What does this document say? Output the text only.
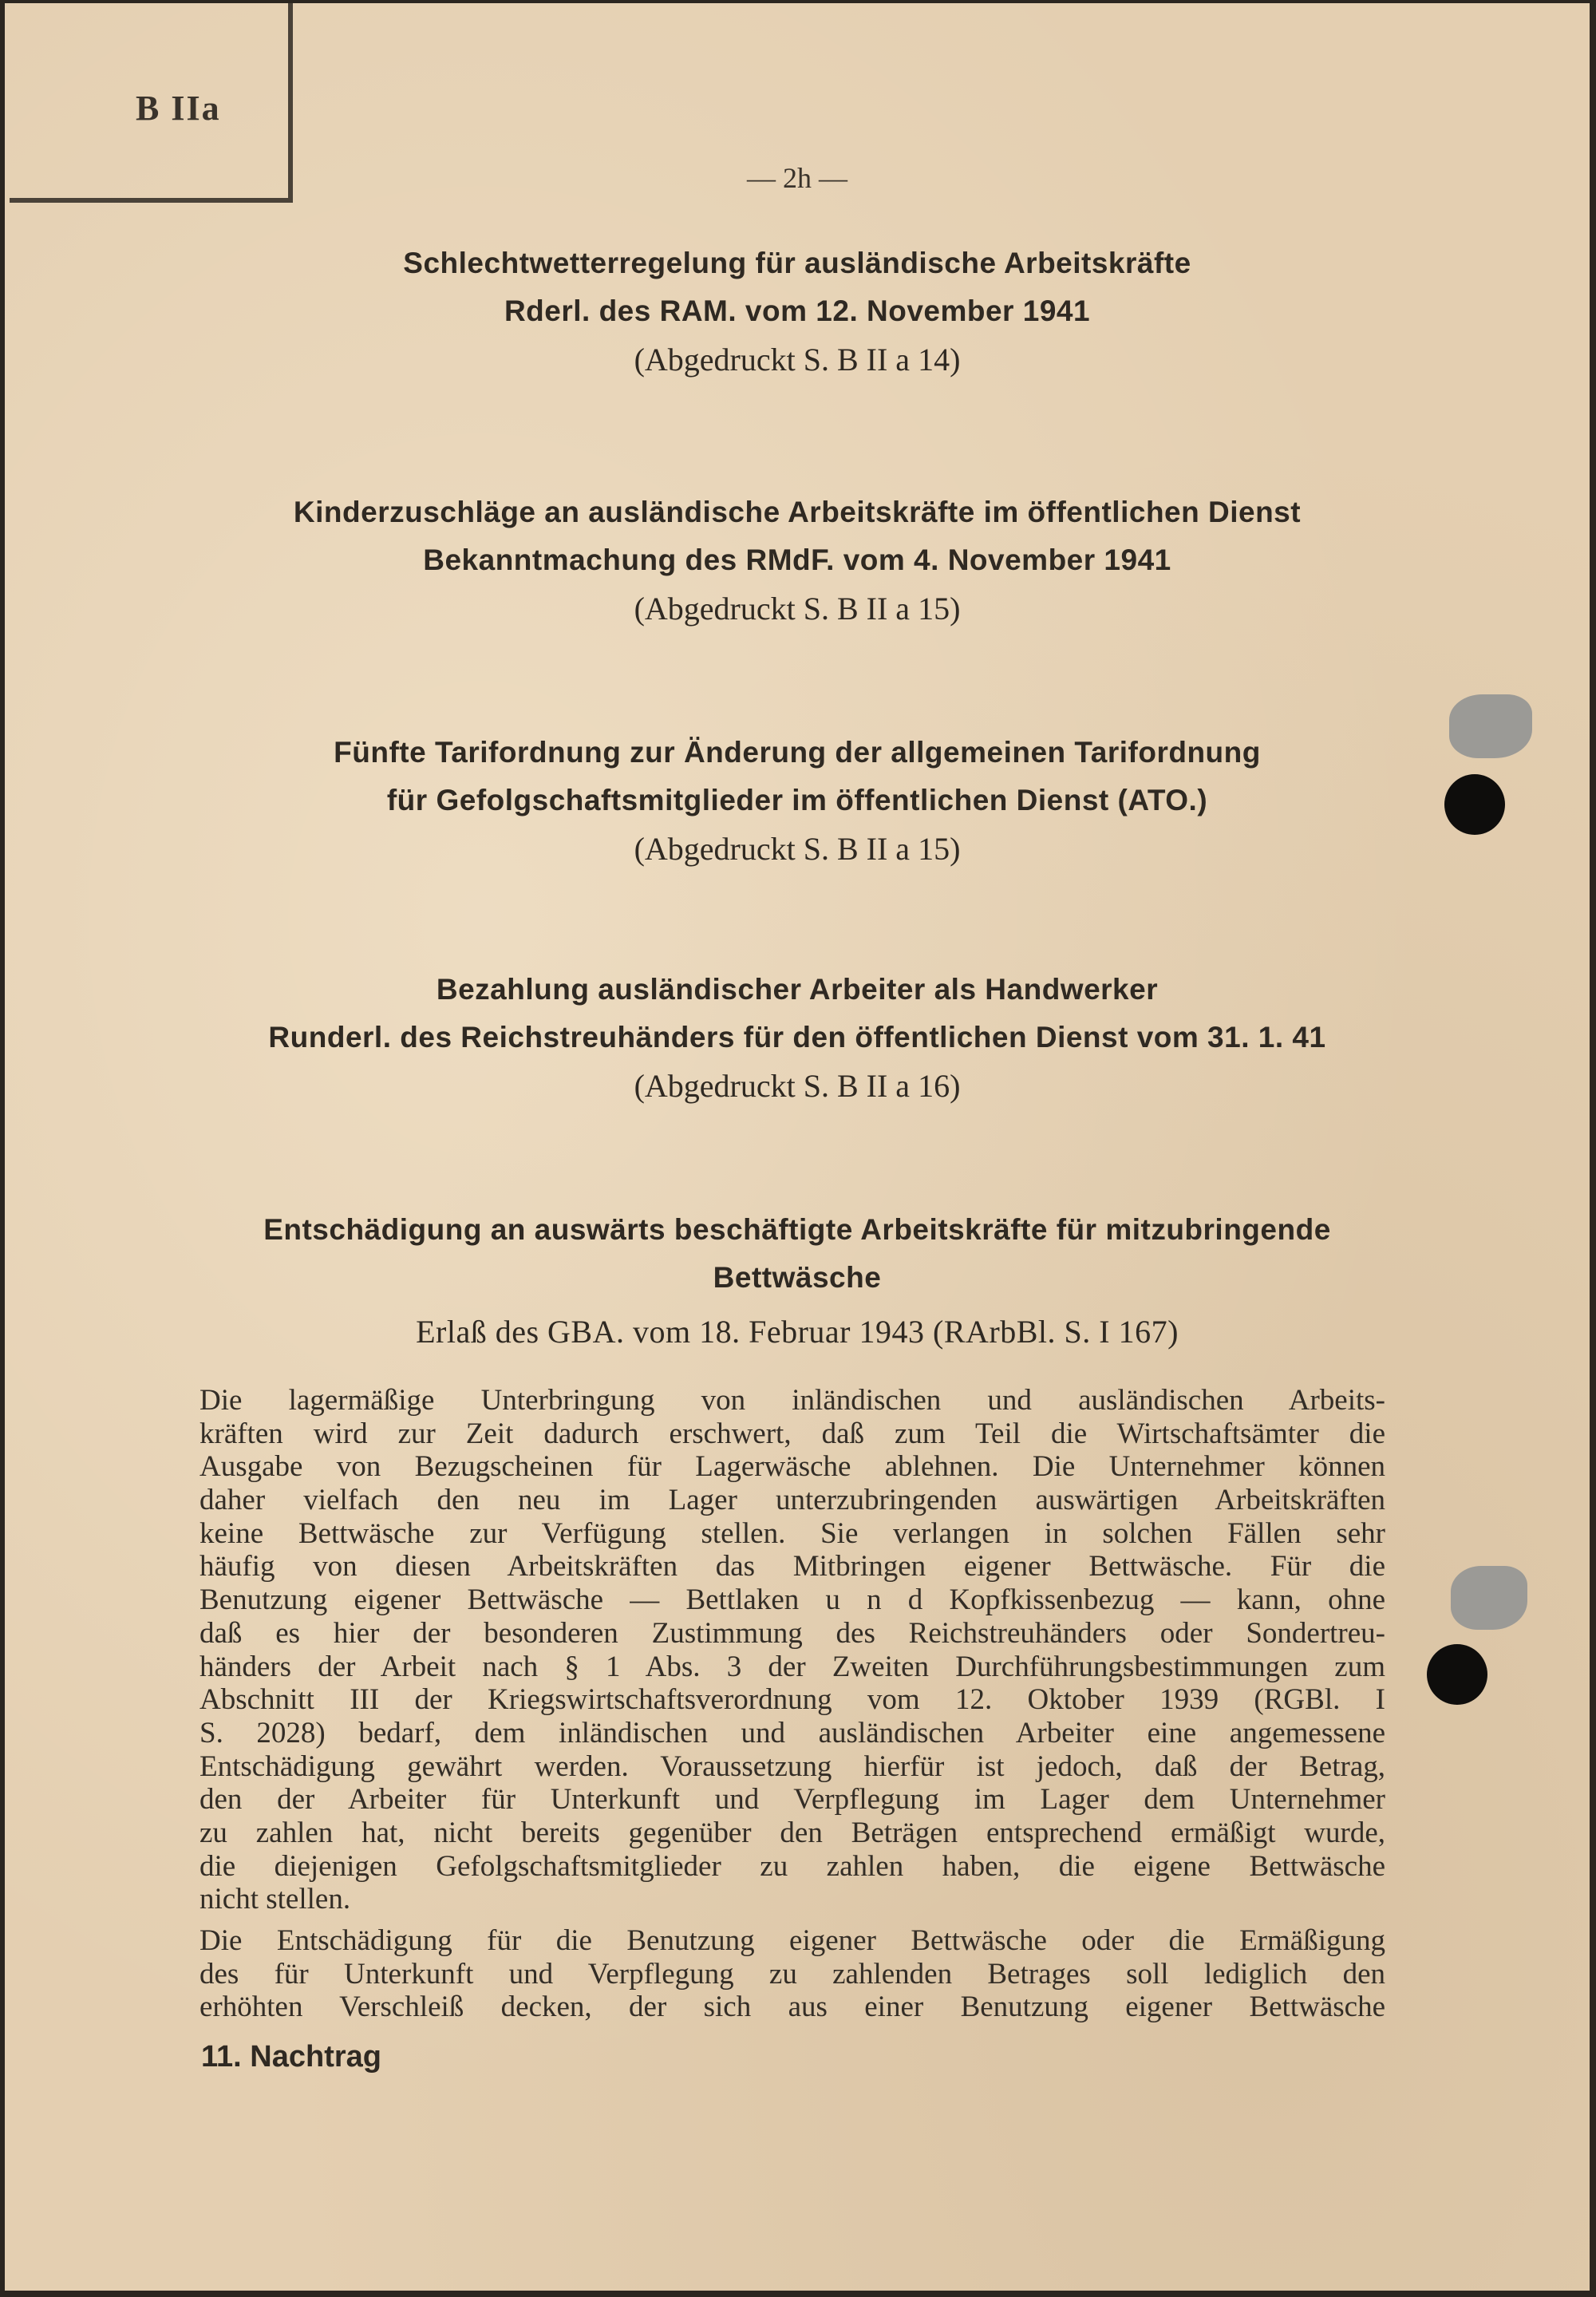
B IIa
— 2h —
Schlechtwetterregelung für ausländische Arbeitskräfte
Rderl. des RAM. vom 12. November 1941
(Abgedruckt S. B II a 14)
Kinderzuschläge an ausländische Arbeitskräfte im öffentlichen Dienst
Bekanntmachung des RMdF. vom 4. November 1941
(Abgedruckt S. B II a 15)
Fünfte Tarifordnung zur Änderung der allgemeinen Tarifordnung
für Gefolgschaftsmitglieder im öffentlichen Dienst (ATO.)
(Abgedruckt S. B II a 15)
Bezahlung ausländischer Arbeiter als Handwerker
Runderl. des Reichstreuhänders für den öffentlichen Dienst vom 31. 1. 41
(Abgedruckt S. B II a 16)
Entschädigung an auswärts beschäftigte Arbeitskräfte für mitzubringende
Bettwäsche
Erlaß des GBA. vom 18. Februar 1943 (RArbBl. S. I 167)
Die lagermäßige Unterbringung von inländischen und ausländischen Arbeits-
kräften wird zur Zeit dadurch erschwert, daß zum Teil die Wirtschaftsämter die
Ausgabe von Bezugscheinen für Lagerwäsche ablehnen. Die Unternehmer können
daher vielfach den neu im Lager unterzubringenden auswärtigen Arbeitskräften
keine Bettwäsche zur Verfügung stellen. Sie verlangen in solchen Fällen sehr
häufig von diesen Arbeitskräften das Mitbringen eigener Bettwäsche. Für die
Benutzung eigener Bettwäsche — Bettlaken u n d Kopfkissenbezug — kann, ohne
daß es hier der besonderen Zustimmung des Reichstreuhänders oder Sondertreu-
händers der Arbeit nach § 1 Abs. 3 der Zweiten Durchführungsbestimmungen zum
Abschnitt III der Kriegswirtschaftsverordnung vom 12. Oktober 1939 (RGBl. I
S. 2028) bedarf, dem inländischen und ausländischen Arbeiter eine angemessene
Entschädigung gewährt werden. Voraussetzung hierfür ist jedoch, daß der Betrag,
den der Arbeiter für Unterkunft und Verpflegung im Lager dem Unternehmer
zu zahlen hat, nicht bereits gegenüber den Beträgen entsprechend ermäßigt wurde,
die diejenigen Gefolgschaftsmitglieder zu zahlen haben, die eigene Bettwäsche
nicht stellen.
Die Entschädigung für die Benutzung eigener Bettwäsche oder die Ermäßigung
des für Unterkunft und Verpflegung zu zahlenden Betrages soll lediglich den
erhöhten Verschleiß decken, der sich aus einer Benutzung eigener Bettwäsche
11. Nachtrag
